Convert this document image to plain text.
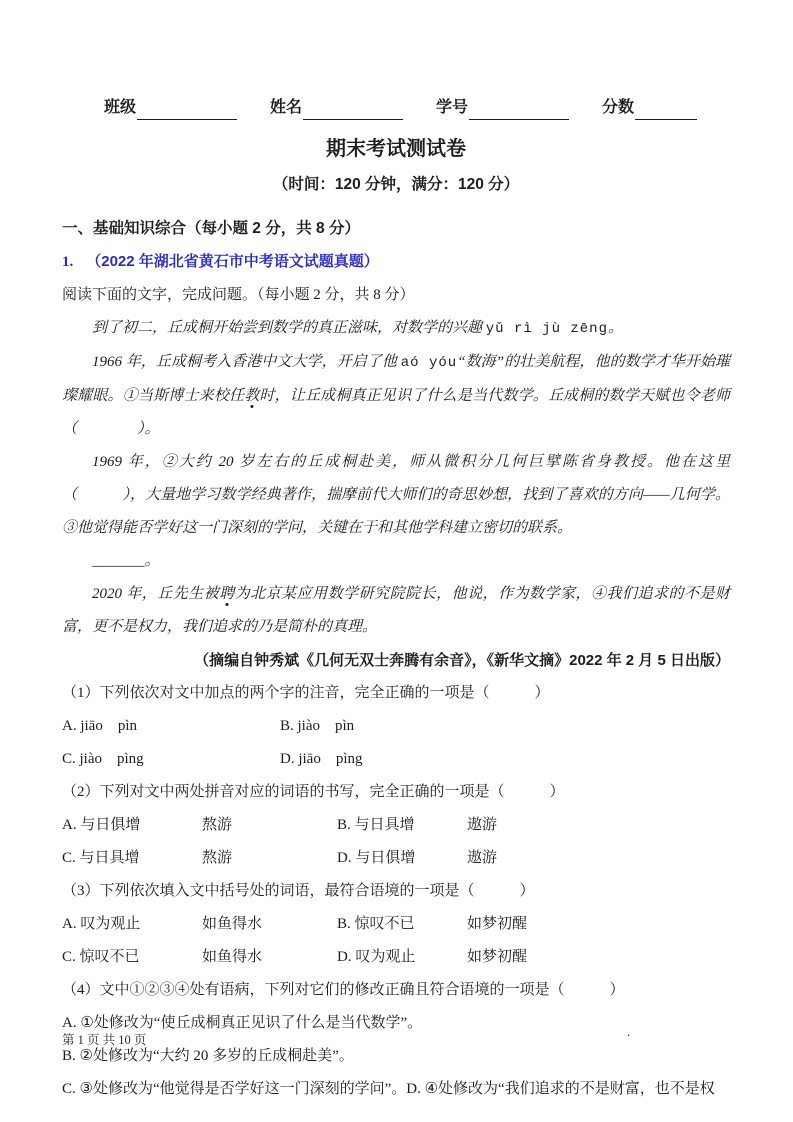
班级	姓名	学号	分数
期末考试测试卷
（时间：120 分钟，满分：120 分）
一、基础知识综合（每小题 2 分，共 8 分）
1. （2022 年湖北省黄石市中考语文试题真题）阅读下面的文字，完成问题。（每小题 2 分，共 8 分）
到了初二，丘成桐开始尝到数学的真正滋味，对数学的兴趣 yǔ rì jù zēng。
1966 年，丘成桐考入香港中文大学，开启了他 aó yóu“数海”的壮美航程，他的数学才华开始璀璨耀眼。①当斯博士来校任教时，让丘成桐真正见识了什么是当代数学。丘成桐的数学天赋也令老师（　　　　）。
1969 年，②大约 20 岁左右的丘成桐赴美，师从微积分几何巨擘陈省身教授。他在这里（　　　），大量地学习数学经典著作，揣摩前代大师们的奇思妙想，找到了喜欢的方向——几何学。③他觉得能否学好这一门深刻的学问，关键在于和其他学科建立密切的联系。
_______。
2020 年，丘先生被聘为北京某应用数学研究院院长，他说，作为数学家，④我们追求的不是财富，更不是权力，我们追求的乃是简朴的真理。
（摘编自钟秀斌《几何无双士奔腾有余音》，《新华文摘》2022 年 2 月 5 日出版）
（1）下列依次对文中加点的两个字的注音，完全正确的一项是（　　　）
A. jiāo　pìn	B. jiào　pìn
C. jiào　pìng	D. jiāo　pìng
（2）下列对文中两处拼音对应的词语的书写，完全正确的一项是（　　　）
A. 与日俱增	熬游	B. 与日具增	遨游
C. 与日具增	熬游	D. 与日俱增	遨游
（3）下列依次填入文中括号处的词语，最符合语境的一项是（　　　）
A. 叹为观止	如鱼得水	B. 惊叹不已	如梦初醒
C. 惊叹不已	如鱼得水	D. 叹为观止	如梦初醒
（4）文中①②③④处有语病，下列对它们的修改正确且符合语境的一项是（　　　）
A. ①处修改为“使丘成桐真正见识了什么是当代数学”。
B. ②处修改为“大约 20 多岁的丘成桐赴美”。
C. ③处修改为“他觉得是否学好这一门深刻的学问”。D. ④处修改为“我们追求的不是财富，也不是权
第 1 页 共 10 页
.
